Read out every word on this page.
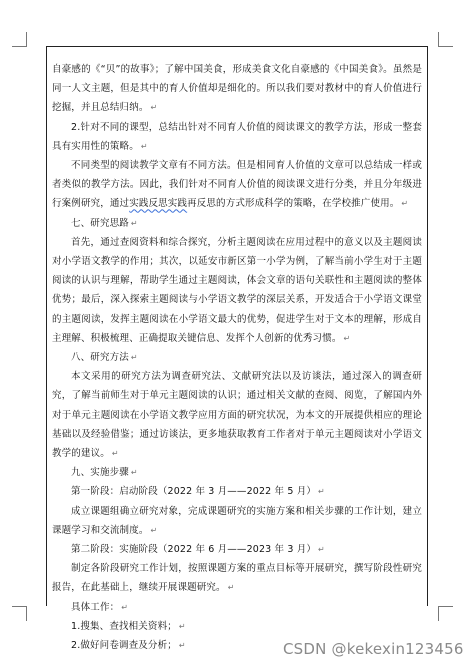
自豪感的《“贝”的故事》；了解中国美食，形成美食文化自豪感的《中国美食》。虽然是同一人文主题，但是其中的育人价值却是细化的。所以我们要对教材中的育人价值进行挖掘，并且总结归纳。 ↵

2.针对不同的课型，总结出针对不同育人价值的阅读课文的教学方法，形成一整套具有实用性的策略。 ↵

不同类型的阅读教学文章有不同方法。但是相同育人价值的文章可以总结成一样或者类似的教学方法。因此，我们针对不同育人价值的阅读课文进行分类，并且分年级进行案例研究，通过实践反思实践再反思的方式形成科学的策略，在学校推广使用。 ↵

七、研究思路 ↵

首先，通过查阅资料和综合探究，分析主题阅读在应用过程中的意义以及主题阅读对小学语文教学的作用；其次，以延安市新区第一小学为例，了解当前小学生对于主题阅读的认识与理解，帮助学生通过主题阅读，体会文章的语句关联性和主题阅读的整体优势；最后，深入探索主题阅读与小学语文教学的深层关系，开发适合于小学语文课堂的主题阅读，发挥主题阅读在小学语文最大的优势，促进学生对于文本的理解，形成自主理解、积极梳理、正确提取关键信息、发挥个人创新的优秀习惯。 ↵

八、研究方法 ↵

本文采用的研究方法为调查研究法、文献研究法以及访谈法，通过深入的调查研究，了解当前师生对于单元主题阅读的认识；通过相关文献的查阅、阅览，了解国内外对于单元主题阅读在小学语文教学应用方面的研究状况，为本文的开展提供相应的理论基础以及经验借鉴；通过访谈法，更多地获取教育工作者对于单元主题阅读对小学语文教学的建议。 ↵

九、实施步骤 ↵

第一阶段：启动阶段（2022 年 3 月——2022 年 5 月） ↵

成立课题组确立研究对象，完成课题研究的实施方案和相关步骤的工作计划，建立课题学习和交流制度。 ↵

第二阶段：实施阶段（2022 年 6 月——2023 年 3 月） ↵

制定各阶段研究工作计划，按照课题方案的重点目标等开展研究，撰写阶段性研究报告，在此基础上，继续开展课题研究。 ↵

具体工作： ↵

1.搜集、查找相关资料； ↵

2.做好问卷调查及分析； ↵	CSDN @kekexin123456
